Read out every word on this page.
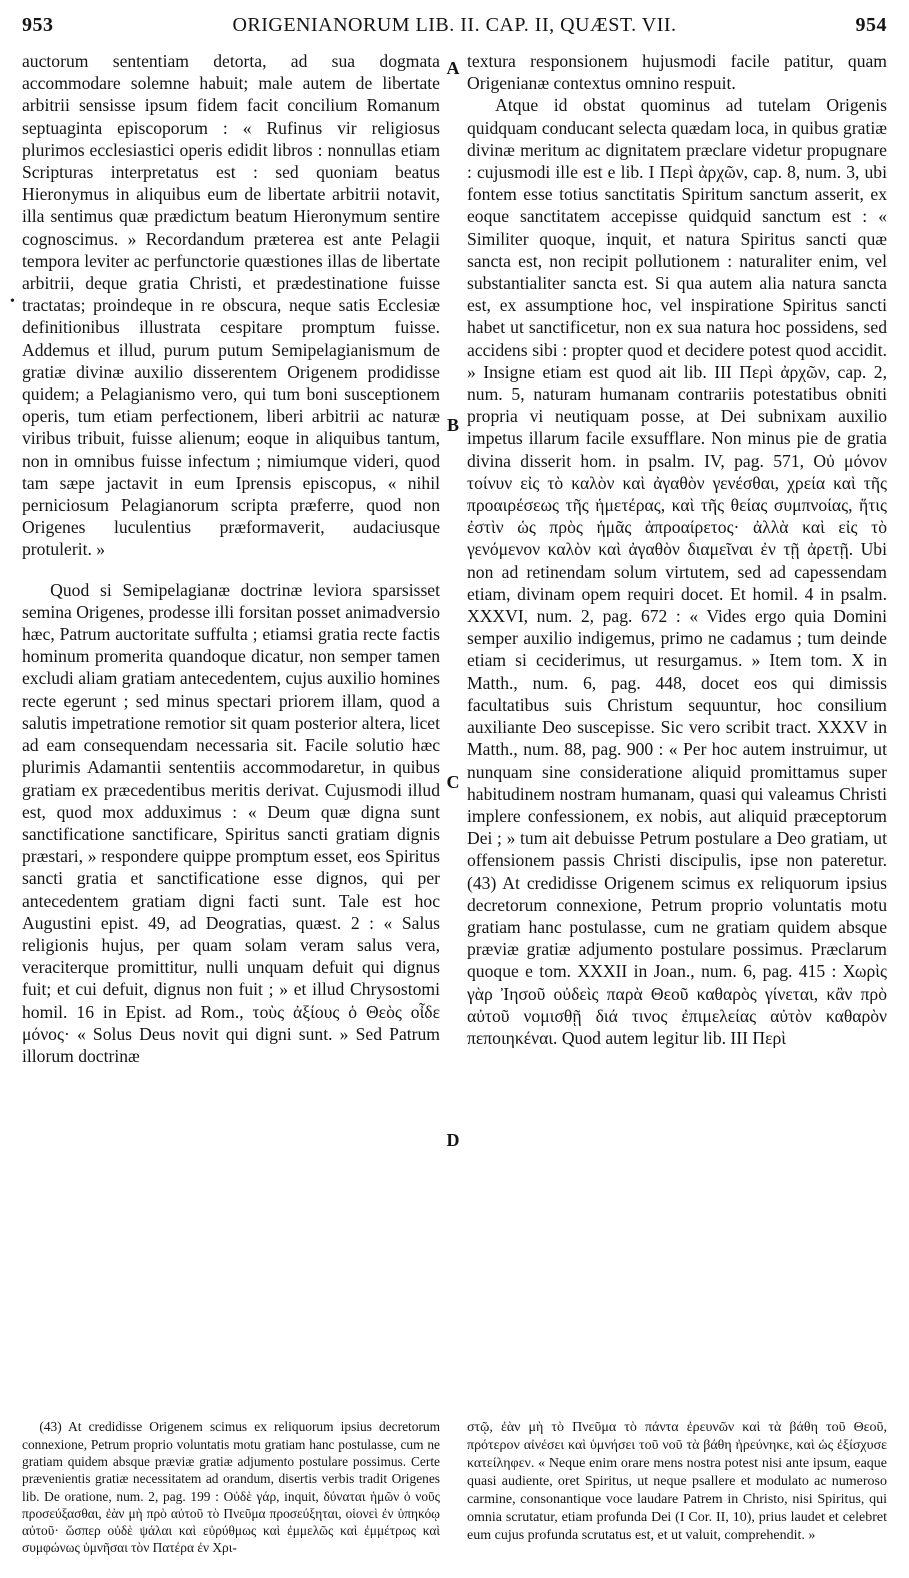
953	ORIGENIANORUM LIB. II. CAP. II, QUÆST. VII.	954
•
A
B
C
D

auctorum sententiam detorta, ad sua dogmata accommodare solemne habuit; male autem de libertate arbitrii sensisse ipsum fidem facit concilium Romanum septuaginta episcoporum : « Rufinus vir religiosus plurimos ecclesiastici operis edidit libros : nonnullas etiam Scripturas interpretatus est : sed quoniam beatus Hieronymus in aliquibus eum de libertate arbitrii notavit, illa sentimus quæ prædictum beatum Hieronymum sentire cognoscimus. » Recordandum præterea est ante Pelagii tempora leviter ac perfunctorie quæstiones illas de libertate arbitrii, deque gratia Christi, et prædestinatione fuisse tractatas; proindeque in re obscura, neque satis Ecclesiæ definitionibus illustrata cespitare promptum fuisse. Addemus et illud, purum putum Semipelagianismum de gratiæ divinæ auxilio disserentem Origenem prodidisse quidem; a Pelagianismo vero, qui tum boni susceptionem operis, tum etiam perfectionem, liberi arbitrii ac naturæ viribus tribuit, fuisse alienum; eoque in aliquibus tantum, non in omnibus fuisse infectum ; nimiumque videri, quod tam sæpe jactavit in eum Iprensis episcopus, « nihil perniciosum Pelagianorum scripta præferre, quod non Origenes luculentius præformaverit, audaciusque protulerit. »

Quod si Semipelagianæ doctrinæ leviora sparsisset semina Origenes, prodesse illi forsitan posset animadversio hæc, Patrum auctoritate suffulta ; etiamsi gratia recte factis hominum promerita quandoque dicatur, non semper tamen excludi aliam gratiam antecedentem, cujus auxilio homines recte egerunt ; sed minus spectari priorem illam, quod a salutis impetratione remotior sit quam posterior altera, licet ad eam consequendam necessaria sit. Facile solutio hæc plurimis Adamantii sententiis accommodaretur, in quibus gratiam ex præcedentibus meritis derivat. Cujusmodi illud est, quod mox adduximus : « Deum quæ digna sunt sanctificatione sanctificare, Spiritus sancti gratiam dignis præstari, » respondere quippe promptum esset, eos Spiritus sancti gratia et sanctificatione esse dignos, qui per antecedentem gratiam digni facti sunt. Tale est hoc Augustini epist. 49, ad Deogratias, quæst. 2 : « Salus religionis hujus, per quam solam veram salus vera, veraciterque promittitur, nulli unquam defuit qui dignus fuit; et cui defuit, dignus non fuit ; » et illud Chrysostomi homil. 16 in Epist. ad Rom., τοὺς ἀξίους ὁ Θεὸς οἶδε μόνος· « Solus Deus novit qui digni sunt. » Sed Patrum illorum doctrinæ

textura responsionem hujusmodi facile patitur, quam Origenianæ contextus omnino respuit.

Atque id obstat quominus ad tutelam Origenis quidquam conducant selecta quædam loca, in quibus gratiæ divinæ meritum ac dignitatem præclare videtur propugnare : cujusmodi ille est e lib. I Περὶ ἀρχῶν, cap. 8, num. 3, ubi fontem esse totius sanctitatis Spiritum sanctum asserit, ex eoque sanctitatem accepisse quidquid sanctum est : « Similiter quoque, inquit, et natura Spiritus sancti quæ sancta est, non recipit pollutionem : naturaliter enim, vel substantialiter sancta est. Si qua autem alia natura sancta est, ex assumptione hoc, vel inspiratione Spiritus sancti habet ut sanctificetur, non ex sua natura hoc possidens, sed accidens sibi : propter quod et decidere potest quod accidit. » Insigne etiam est quod ait lib. III Περὶ ἀρχῶν, cap. 2, num. 5, naturam humanam contrariis potestatibus obniti propria vi neutiquam posse, at Dei subnixam auxilio impetus illarum facile exsufflare. Non minus pie de gratia divina disserit hom. in psalm. IV, pag. 571, Οὐ μόνον τοίνυν εἰς τὸ καλὸν καὶ ἀγαθὸν γενέσθαι, χρεία καὶ τῆς προαιρέσεως τῆς ἡμετέρας, καὶ τῆς θείας συμπνοίας, ἥτις ἐστὶν ὡς πρὸς ἡμᾶς ἀπροαίρετος· ἀλλὰ καὶ εἰς τὸ γενόμενον καλὸν καὶ ἀγαθὸν διαμεῖναι ἐν τῇ ἀρετῇ. Ubi non ad retinendam solum virtutem, sed ad capessendam etiam, divinam opem requiri docet. Et homil. 4 in psalm. XXXVI, num. 2, pag. 672 : « Vides ergo quia Domini semper auxilio indigemus, primo ne cadamus ; tum deinde etiam si ceciderimus, ut resurgamus. » Item tom. X in Matth., num. 6, pag. 448, docet eos qui dimissis facultatibus suis Christum sequuntur, hoc consilium auxiliante Deo suscepisse. Sic vero scribit tract. XXXV in Matth., num. 88, pag. 900 : « Per hoc autem instruimur, ut nunquam sine consideratione aliquid promittamus super habitudinem nostram humanam, quasi qui valeamus Christi implere confessionem, ex nobis, aut aliquid præceptorum Dei ; » tum ait debuisse Petrum postulare a Deo gratiam, ut offensionem passis Christi discipulis, ipse non pateretur. (43) At credidisse Origenem scimus ex reliquorum ipsius decretorum connexione, Petrum proprio voluntatis motu gratiam hanc postulasse, cum ne gratiam quidem absque præviæ gratiæ adjumento postulare possimus. Præclarum quoque e tom. XXXII in Joan., num. 6, pag. 415 : Χωρὶς γὰρ Ἰησοῦ οὐδεὶς παρὰ Θεοῦ καθαρὸς γίνεται, κἂν πρὸ αὐτοῦ νομισθῇ διά τινος ἐπιμελείας αὐτὸν καθαρὸν πεποιηκέναι. Quod autem legitur lib. III Περὶ

(43) At credidisse Origenem scimus ex reliquorum ipsius decretorum connexione, Petrum proprio voluntatis motu gratiam hanc postulasse, cum ne gratiam quidem absque præviæ gratiæ adjumento postulare possimus. Certe prævenientis gratiæ necessitatem ad orandum, disertis verbis tradit Origenes lib. De oratione, num. 2, pag. 199 : Οὐδὲ γάρ, inquit, δύναται ἡμῶν ὁ νοῦς προσεύξασθαι, ἐὰν μὴ πρὸ αὐτοῦ τὸ Πνεῦμα προσεύξηται, οἱονεὶ ἐν ὑπηκόῳ αὐτοῦ· ὥσπερ οὐδὲ ψάλαι καὶ εὐρύθμως καὶ ἐμμελῶς καὶ ἐμμέτρως καὶ συμφώνως ὑμνῆσαι τὸν Πατέρα ἐν Χρι-

στῷ, ἐὰν μὴ τὸ Πνεῦμα τὸ πάντα ἐρευνῶν καὶ τὰ βάθη τοῦ Θεοῦ, πρότερον αἰνέσει καὶ ὑμνήσει τοῦ νοῦ τὰ βάθη ἠρεύνηκε, καὶ ὡς ἐξίσχυσε κατείληφεν. « Neque enim orare mens nostra potest nisi ante ipsum, eaque quasi audiente, oret Spiritus, ut neque psallere et modulato ac numeroso carmine, consonantique voce laudare Patrem in Christo, nisi Spiritus, qui omnia scrutatur, etiam profunda Dei (I Cor. II, 10), prius laudet et celebret eum cujus profunda scrutatus est, et ut valuit, comprehendit. »
